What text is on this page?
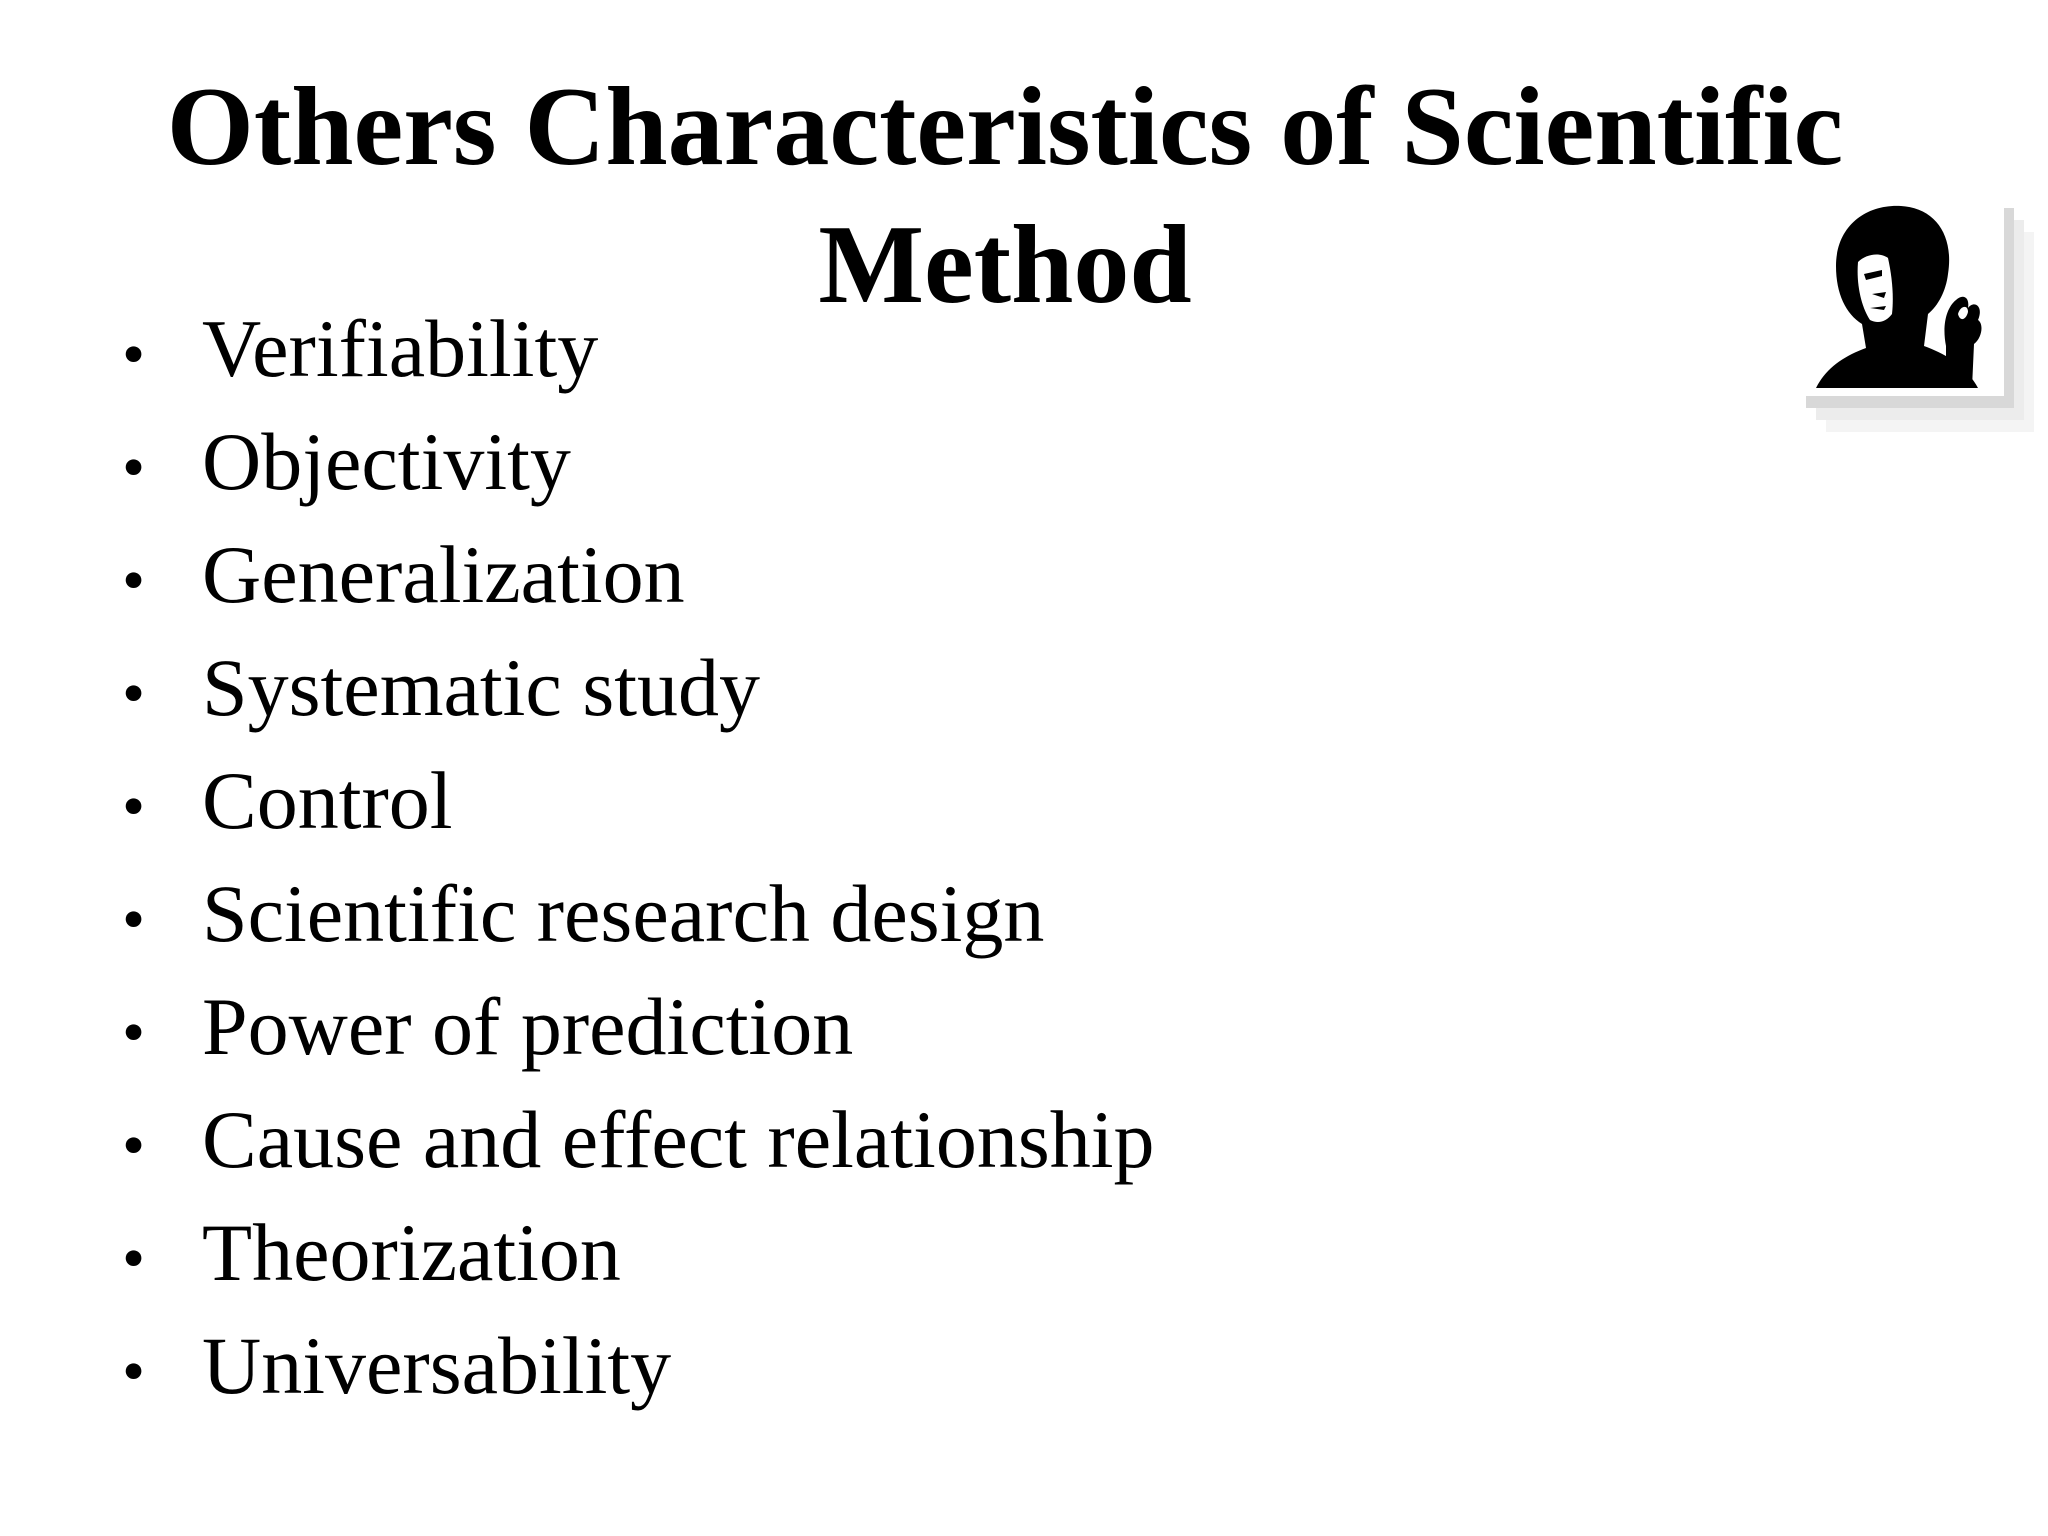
Others Characteristics of Scientific Method
• Verifiability
• Objectivity
• Generalization
• Systematic study
• Control
• Scientific research design
• Power of prediction
• Cause and effect relationship
• Theorization
• Universability
